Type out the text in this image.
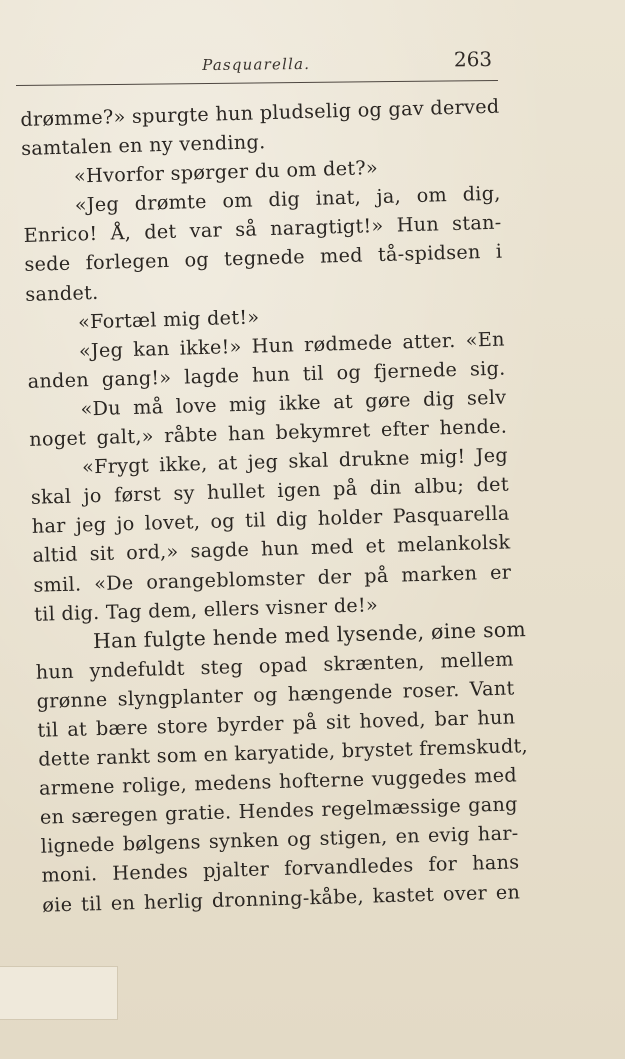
Pasquarella.	263
drømme?» spurgte hun pludselig og gav derved
samtalen en ny vending.
«Hvorfor spørger du om det?»
«Jeg drømte om dig inat, ja, om dig,
Enrico! Å, det var så naragtigt!» Hun stan-
sede forlegen og tegnede med tå-spidsen i
sandet.
«Fortæl mig det!»
«Jeg kan ikke!» Hun rødmede atter. «En
anden gang!» lagde hun til og fjernede sig.
«Du må love mig ikke at gøre dig selv
noget galt,» råbte han bekymret efter hende.
«Frygt ikke, at jeg skal drukne mig! Jeg
skal jo først sy hullet igen på din albu; det
har jeg jo lovet, og til dig holder Pasquarella
altid sit ord,» sagde hun med et melankolsk
smil. «De orangeblomster der på marken er
til dig. Tag dem, ellers visner de!»
Han fulgte hende med lysende, øine som
hun yndefuldt steg opad skrænten, mellem
grønne slyngplanter og hængende roser. Vant
til at bære store byrder på sit hoved, bar hun
dette rankt som en karyatide, brystet fremskudt,
armene rolige, medens hofterne vuggedes med
en særegen gratie. Hendes regelmæssige gang
lignede bølgens synken og stigen, en evig har-
moni. Hendes pjalter forvandledes for hans
øie til en herlig dronning-kåbe, kastet over en
